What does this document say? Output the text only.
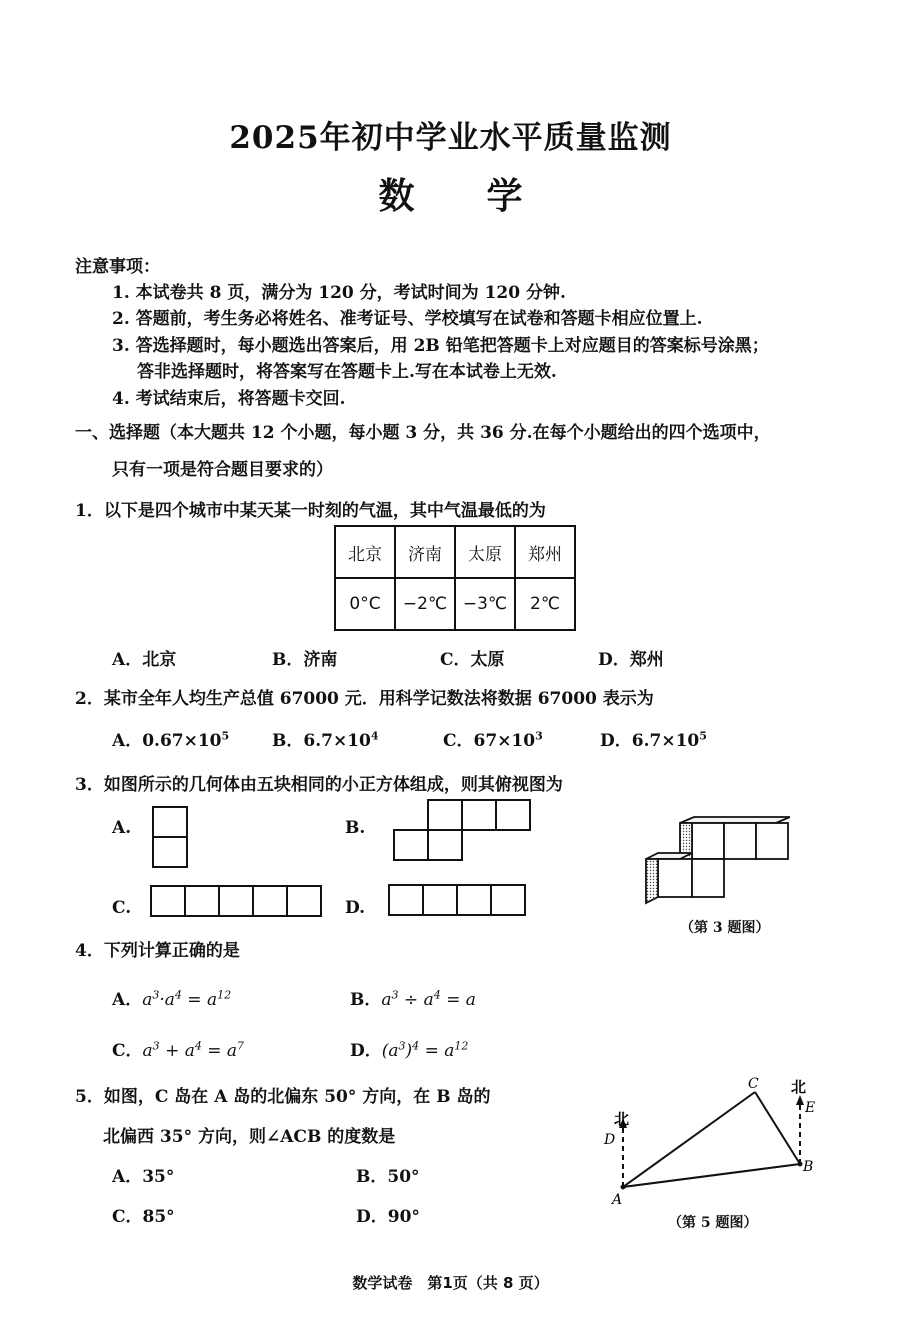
2025年初中学业水平质量监测
数　　学
注意事项：
1. 本试卷共 8 页，满分为 120 分，考试时间为 120 分钟.
2. 答题前，考生务必将姓名、准考证号、学校填写在试卷和答题卡相应位置上.
3. 答选择题时，每小题选出答案后，用 2B 铅笔把答题卡上对应题目的答案标号涂黑；
答非选择题时，将答案写在答题卡上.写在本试卷上无效.
4. 考试结束后，将答题卡交回.
一、选择题（本大题共 12 个小题，每小题 3 分，共 36 分.在每个小题给出的四个选项中，
只有一项是符合题目要求的）
1．以下是四个城市中某天某一时刻的气温，其中气温最低的为
北京	济南	太原	郑州
0°C	−2℃	−3℃	2℃
A．北京	B．济南	C．太原	D．郑州
2．某市全年人均生产总值 67000 元．用科学记数法将数据 67000 表示为
A．$0.67\times 10^5$	B．$6.7\times 10^4$	C．$67\times 10^3$	D．$6.7\times 10^5$
3．如图所示的几何体由五块相同的小正方体组成，则其俯视图为
A.	B.
C.	D.
（第 3 题图）
4．下列计算正确的是
A．$a^3\cdot a^4 = a^{12}$	B．$a^3 \div a^4 = a$
C．$a^3 + a^4 = a^7$	D．$(a^3)^4 = a^{12}$
5．如图，C 岛在 A 岛的北偏东 50° 方向，在 B 岛的
北偏西 35° 方向，则∠ACB 的度数是
A．35°	B．50°
C．85°	D．90°
北
北
D
A
B
C
E
（第 5 题图）
数学试卷　第1页（共 8 页）
